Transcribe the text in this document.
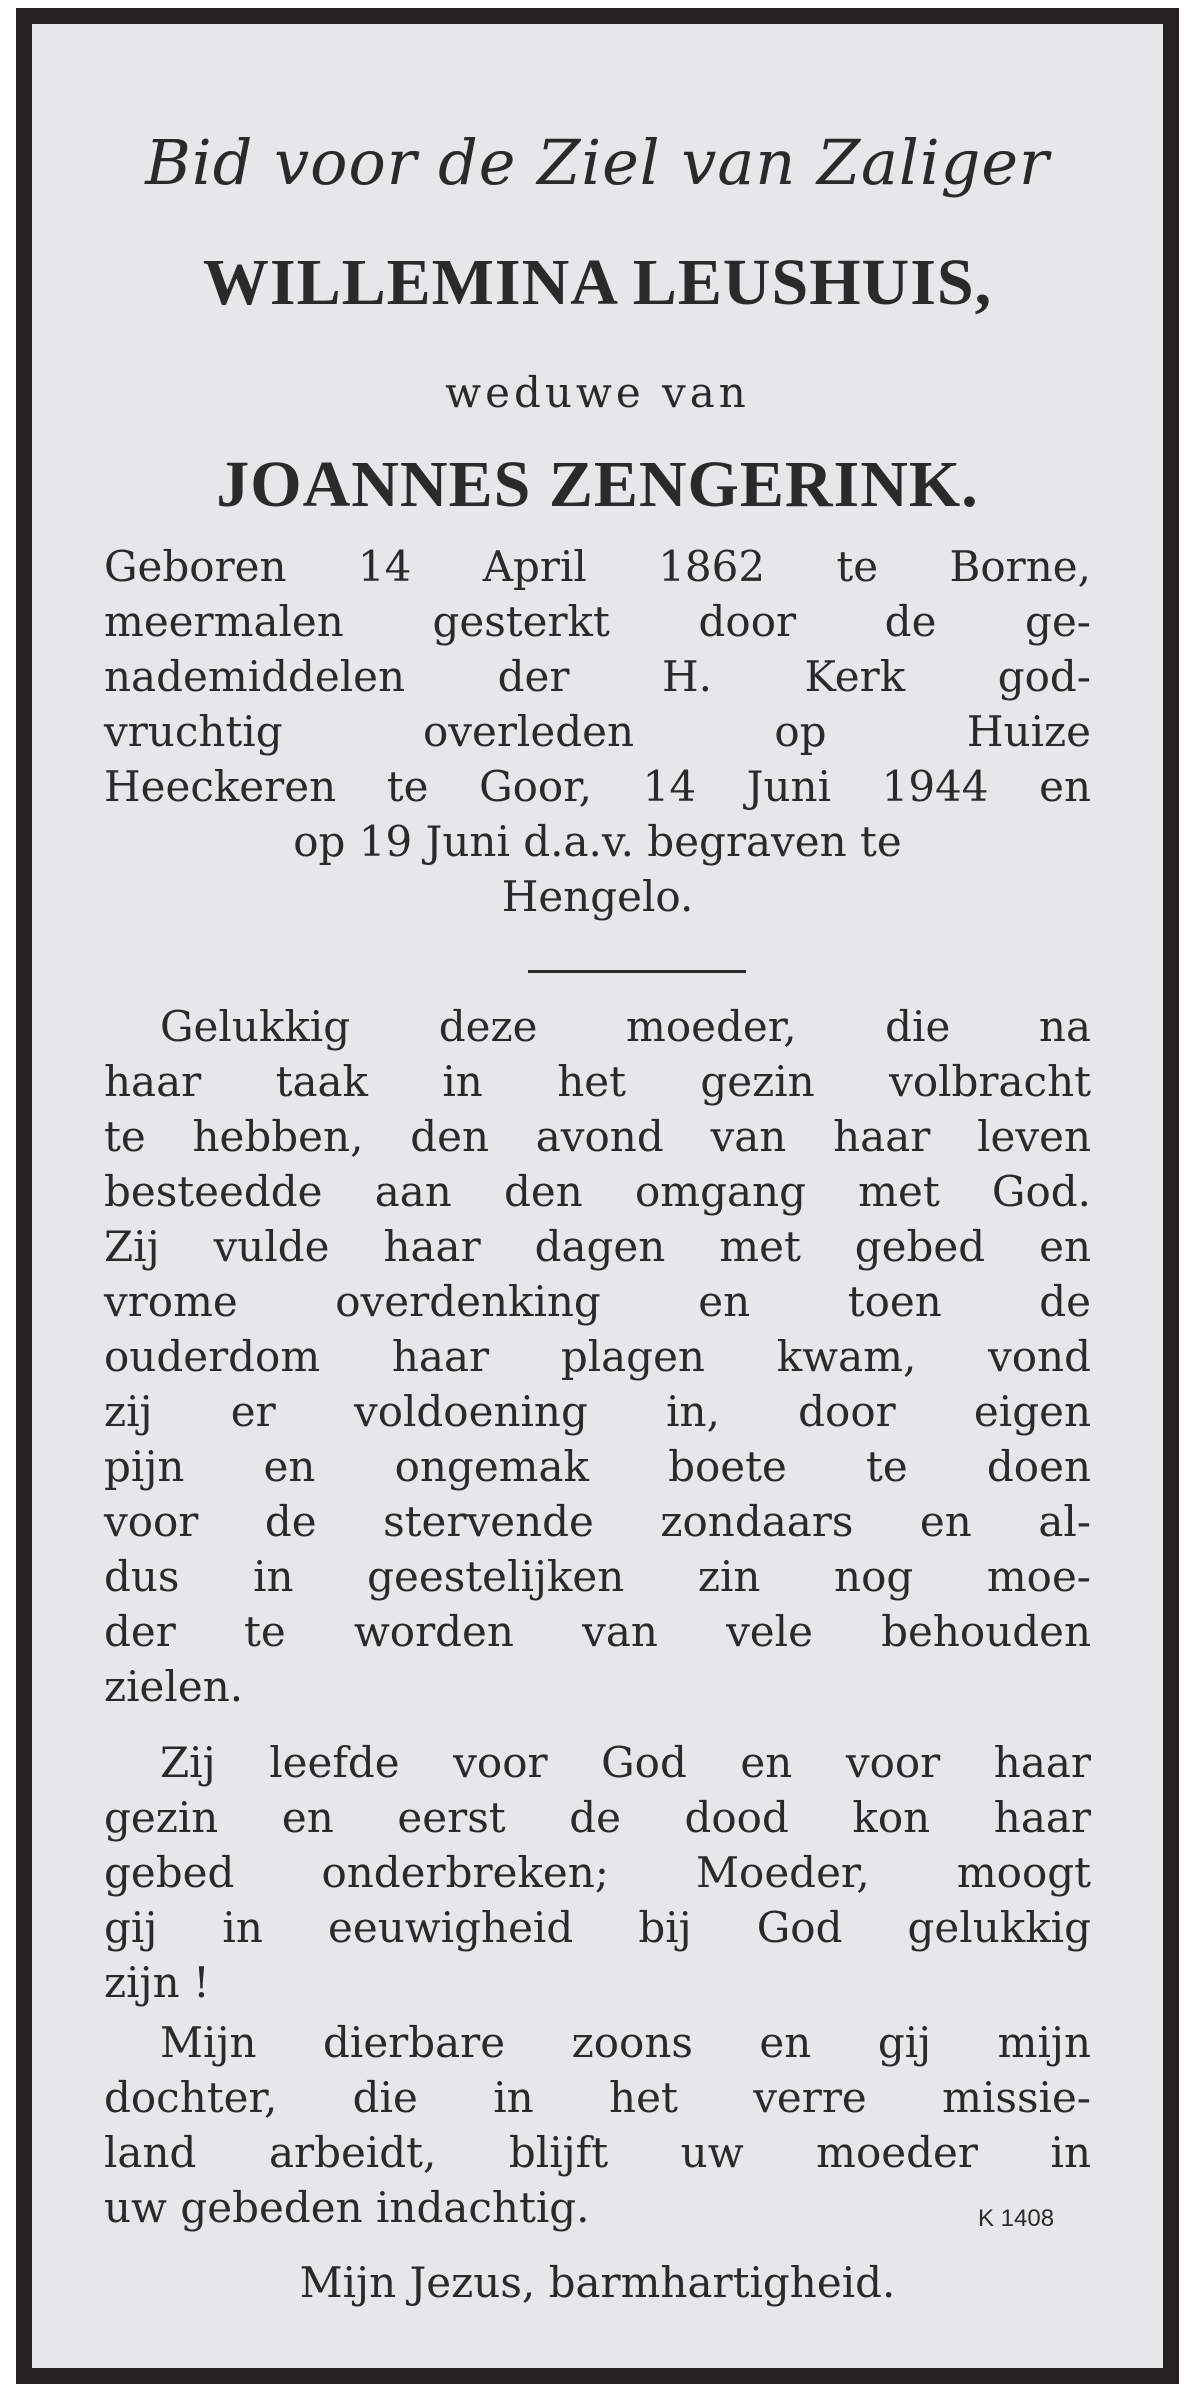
Bid voor de Ziel van Zaliger
WILLEMINA LEUSHUIS,
weduwe van
JOANNES ZENGERINK.
Geboren 14 April 1862 te Borne,
meermalen gesterkt door de ge-
nademiddelen der H. Kerk god-
vruchtig overleden op Huize
Heeckeren te Goor, 14 Juni 1944 en
op 19 Juni d.a.v. begraven te
Hengelo.
Gelukkig deze moeder, die na
haar taak in het gezin volbracht
te hebben, den avond van haar leven
besteedde aan den omgang met God.
Zij vulde haar dagen met gebed en
vrome overdenking en toen de
ouderdom haar plagen kwam, vond
zij er voldoening in, door eigen
pijn en ongemak boete te doen
voor de stervende zondaars en al-
dus in geestelijken zin nog moe-
der te worden van vele behouden
zielen.
Zij leefde voor God en voor haar
gezin en eerst de dood kon haar
gebed onderbreken; Moeder, moogt
gij in eeuwigheid bij God gelukkig
zijn !
Mijn dierbare zoons en gij mijn
dochter, die in het verre missie-
land arbeidt, blijft uw moeder in
uw gebeden indachtig.	K 1408
Mijn Jezus, barmhartigheid.
